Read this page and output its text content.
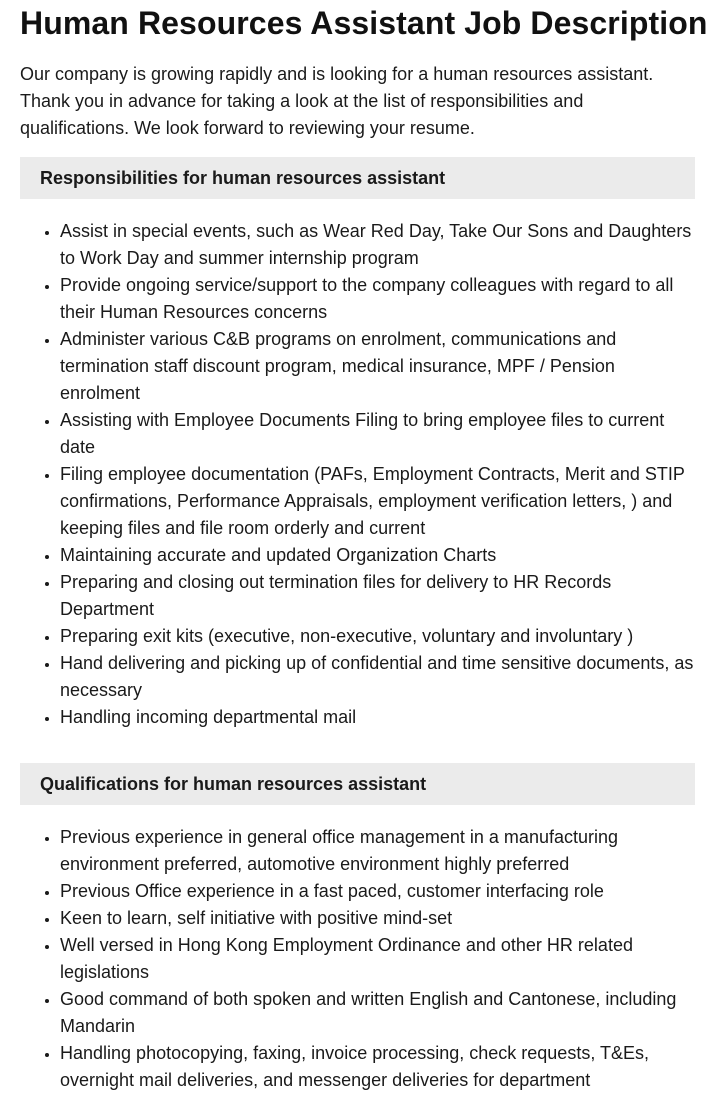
Human Resources Assistant Job Description

Our company is growing rapidly and is looking for a human resources assistant. Thank you in advance for taking a look at the list of responsibilities and qualifications. We look forward to reviewing your resume.

Responsibilities for human resources assistant
• Assist in special events, such as Wear Red Day, Take Our Sons and Daughters to Work Day and summer internship program
• Provide ongoing service/support to the company colleagues with regard to all their Human Resources concerns
• Administer various C&B programs on enrolment, communications and termination staff discount program, medical insurance, MPF / Pension enrolment
• Assisting with Employee Documents Filing to bring employee files to current date
• Filing employee documentation (PAFs, Employment Contracts, Merit and STIP confirmations, Performance Appraisals, employment verification letters, ) and keeping files and file room orderly and current
• Maintaining accurate and updated Organization Charts
• Preparing and closing out termination files for delivery to HR Records Department
• Preparing exit kits (executive, non-executive, voluntary and involuntary )
• Hand delivering and picking up of confidential and time sensitive documents, as necessary
• Handling incoming departmental mail
Qualifications for human resources assistant
• Previous experience in general office management in a manufacturing environment preferred, automotive environment highly preferred
• Previous Office experience in a fast paced, customer interfacing role
• Keen to learn, self initiative with positive mind-set
• Well versed in Hong Kong Employment Ordinance and other HR related legislations
• Good command of both spoken and written English and Cantonese, including Mandarin
• Handling photocopying, faxing, invoice processing, check requests, T&Es, overnight mail deliveries, and messenger deliveries for department
